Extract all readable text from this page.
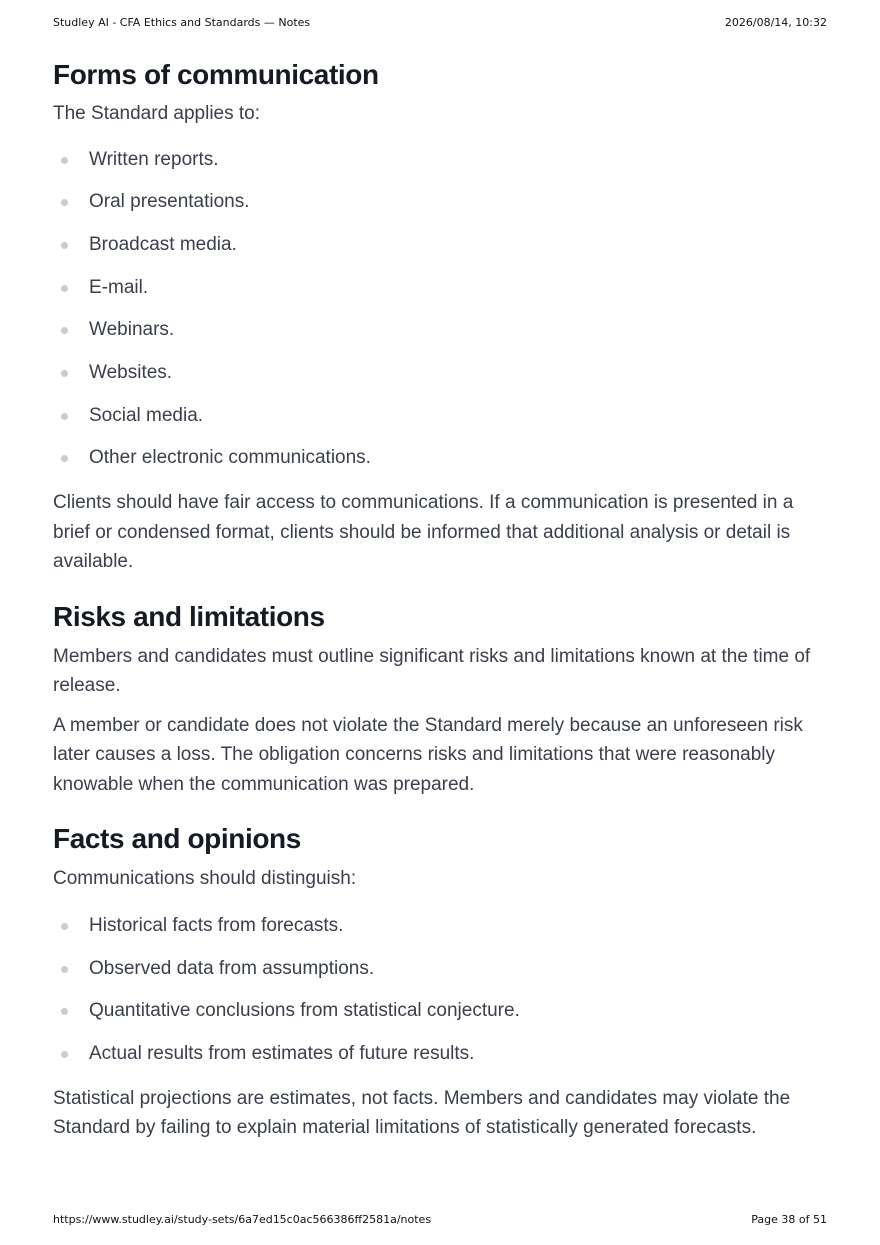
Studley AI - CFA Ethics and Standards — Notes	2026/08/14, 10:32
Forms of communication

The Standard applies to:

Written reports.
Oral presentations.
Broadcast media.
E-mail.
Webinars.
Websites.
Social media.
Other electronic communications.

Clients should have fair access to communications. If a communication is presented in a brief or condensed format, clients should be informed that additional analysis or detail is available.

Risks and limitations

Members and candidates must outline significant risks and limitations known at the time of release.

A member or candidate does not violate the Standard merely because an unforeseen risk later causes a loss. The obligation concerns risks and limitations that were reasonably knowable when the communication was prepared.

Facts and opinions

Communications should distinguish:

Historical facts from forecasts.
Observed data from assumptions.
Quantitative conclusions from statistical conjecture.
Actual results from estimates of future results.

Statistical projections are estimates, not facts. Members and candidates may violate the Standard by failing to explain material limitations of statistically generated forecasts.

https://www.studley.ai/study-sets/6a7ed15c0ac566386ff2581a/notes	Page 38 of 51
